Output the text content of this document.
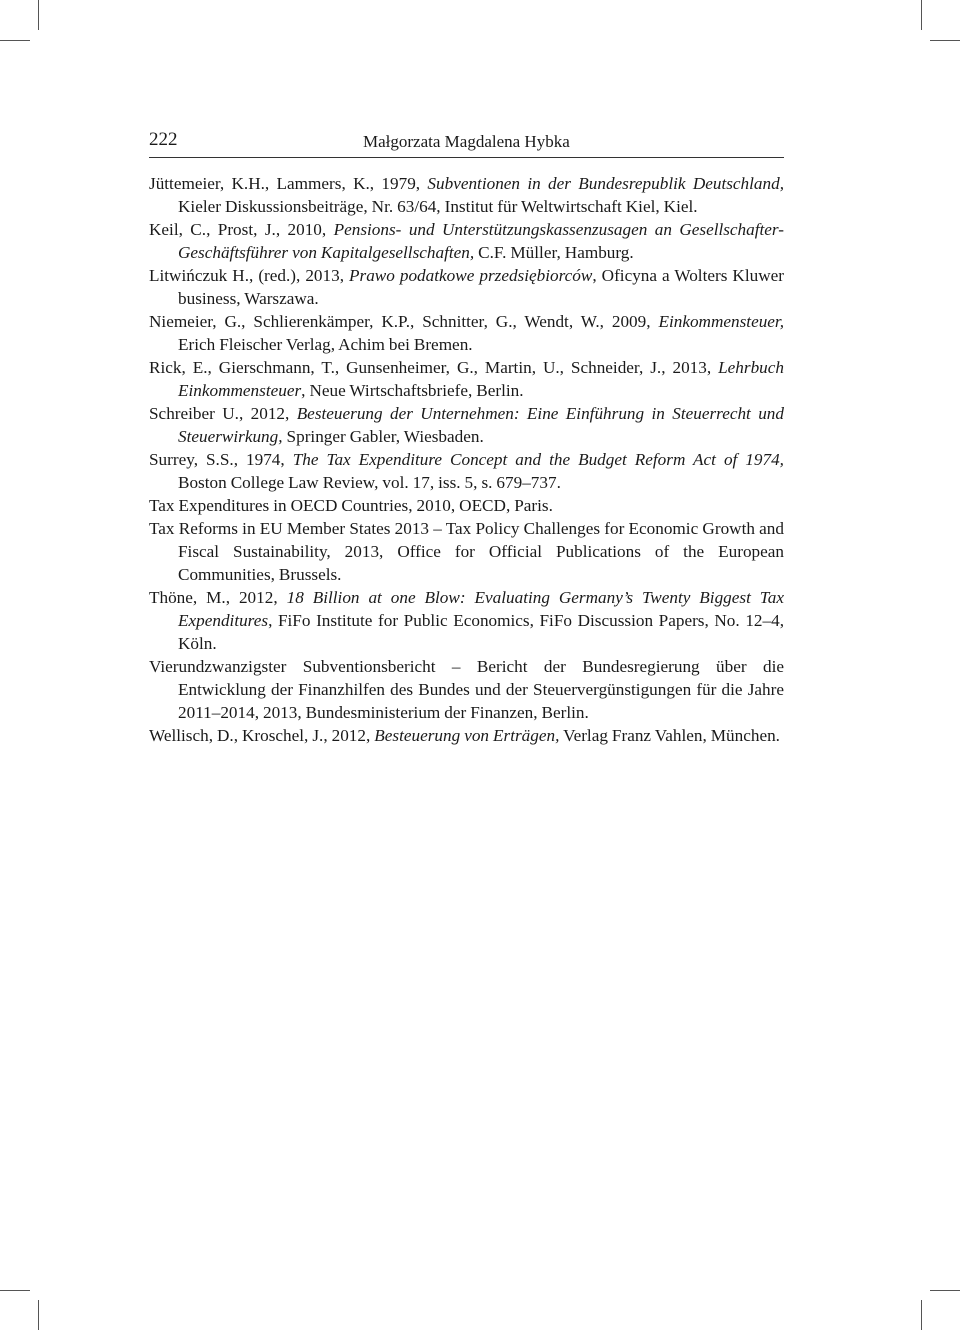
222	Małgorzata Magdalena Hybka
Jüttemeier, K.H., Lammers, K., 1979, Subventionen in der Bundesrepublik Deutschland, Kieler Diskussionsbeiträge, Nr. 63/64, Institut für Weltwirtschaft Kiel, Kiel.
Keil, C., Prost, J., 2010, Pensions- und Unterstützungskassenzusagen an Gesellschafter-Geschäftsführer von Kapitalgesellschaften, C.F. Müller, Hamburg.
Litwińczuk H., (red.), 2013, Prawo podatkowe przedsiębiorców, Oficyna a Wolters Kluwer business, Warszawa.
Niemeier, G., Schlierenkämper, K.P., Schnitter, G., Wendt, W., 2009, Einkommensteuer, Erich Fleischer Verlag, Achim bei Bremen.
Rick, E., Gierschmann, T., Gunsenheimer, G., Martin, U., Schneider, J., 2013, Lehrbuch Einkommensteuer, Neue Wirtschaftsbriefe, Berlin.
Schreiber U., 2012, Besteuerung der Unternehmen: Eine Einführung in Steuerrecht und Steuerwirkung, Springer Gabler, Wiesbaden.
Surrey, S.S., 1974, The Tax Expenditure Concept and the Budget Reform Act of 1974, Boston College Law Review, vol. 17, iss. 5, s. 679–737.
Tax Expenditures in OECD Countries, 2010, OECD, Paris.
Tax Reforms in EU Member States 2013 – Tax Policy Challenges for Economic Growth and Fiscal Sustainability, 2013, Office for Official Publications of the European Communities, Brussels.
Thöne, M., 2012, 18 Billion at one Blow: Evaluating Germany’s Twenty Biggest Tax Expenditures, FiFo Institute for Public Economics, FiFo Discussion Papers, No. 12–4, Köln.
Vierundzwanzigster Subventionsbericht – Bericht der Bundesregierung über die Entwicklung der Finanzhilfen des Bundes und der Steuervergünstigungen für die Jahre 2011–2014, 2013, Bundesministerium der Finanzen, Berlin.
Wellisch, D., Kroschel, J., 2012, Besteuerung von Erträgen, Verlag Franz Vahlen, München.
